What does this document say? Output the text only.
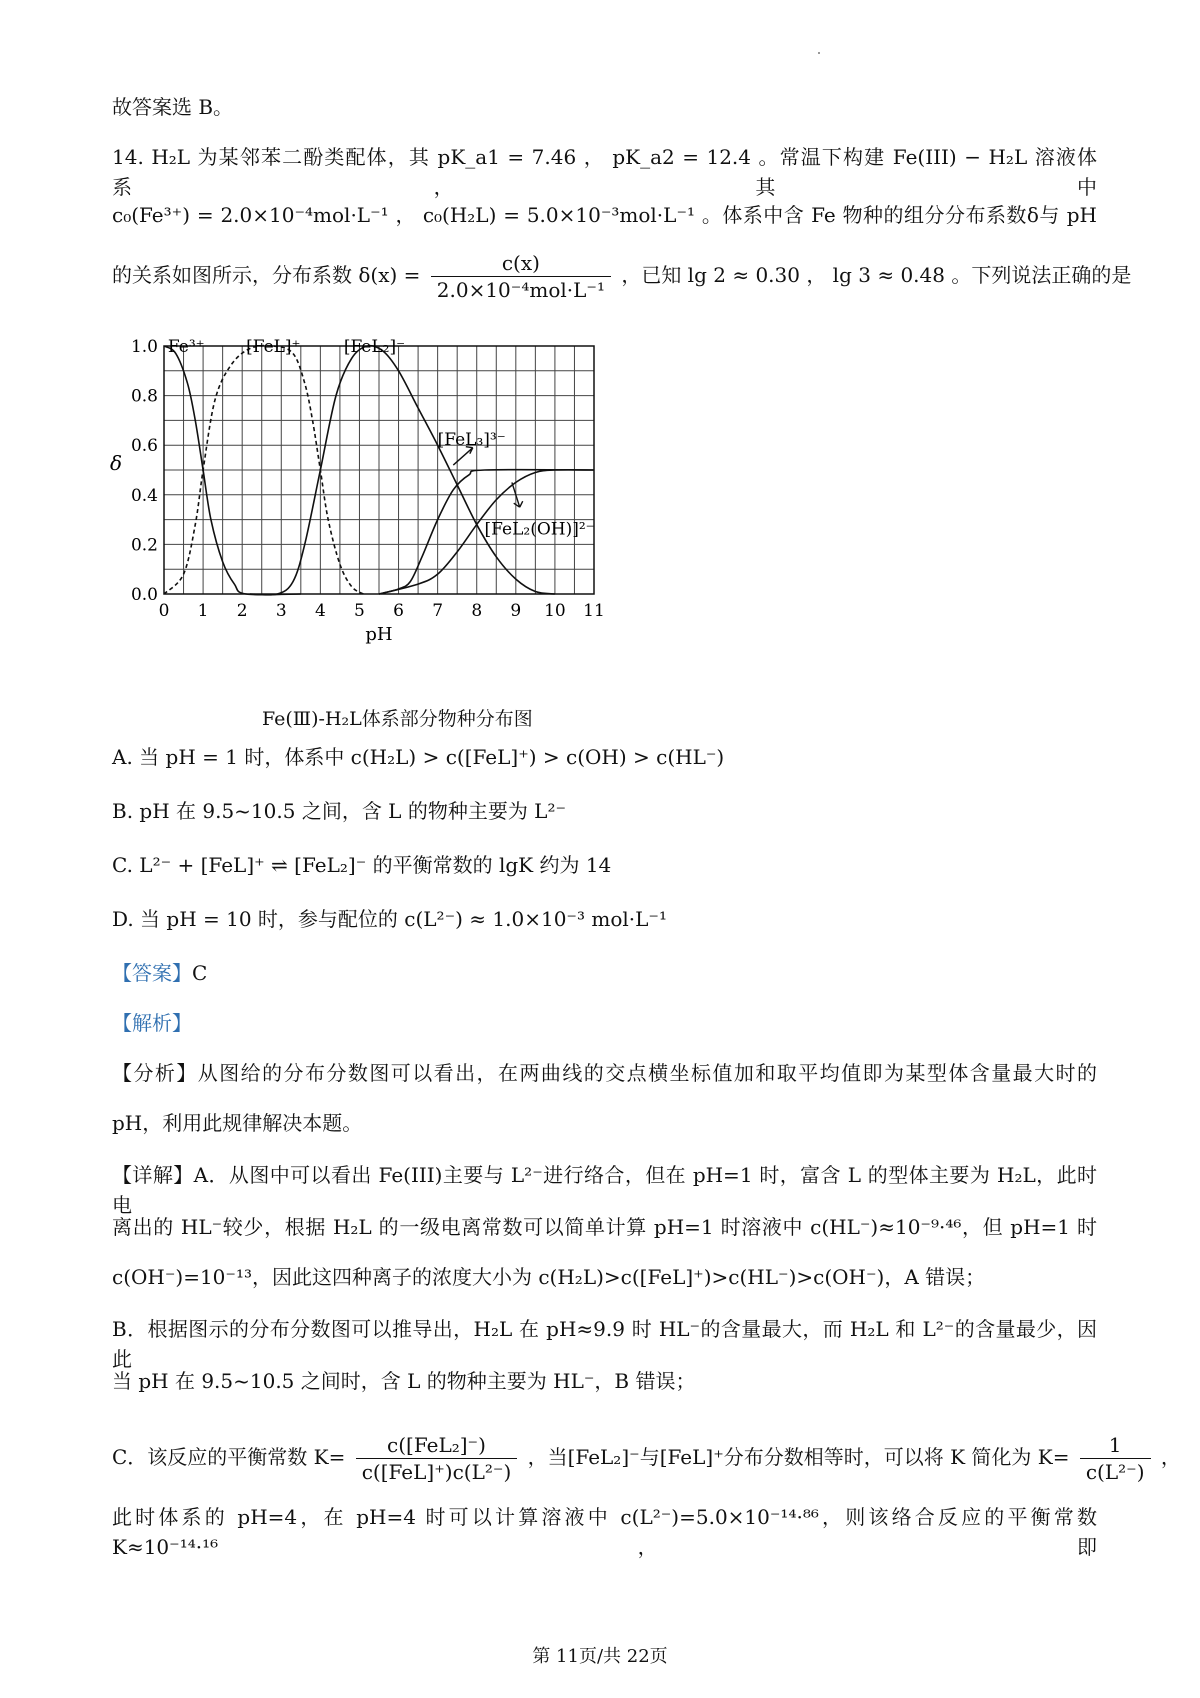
故答案选 B。
14. H₂L 为某邻苯二酚类配体，其 pK_a1 = 7.46 ， pK_a2 = 12.4 。常温下构建 Fe(III) − H₂L 溶液体系，其中
c₀(Fe³⁺) = 2.0×10⁻⁴mol·L⁻¹ ， c₀(H₂L) = 5.0×10⁻³mol·L⁻¹ 。体系中含 Fe 物种的组分分布系数δ与 pH
的关系如图所示，分布系数 $\delta(x) = \frac{c(x)}{\text{2.0×10⁻⁴mol·L⁻¹}}$ ，已知 lg 2 ≈ 0.30 ， lg 3 ≈ 0.48 。下列说法正确的是
0 1 2 3 4 5 6 7 8 9 10 11
0.0
0.2
0.4
0.6
0.8
1.0
pH
δ
Fe³⁺ [FeL]⁺	[FeL₂]⁻
[FeL₃]³⁻
[FeL₂(OH)]²⁻
Fe(Ⅲ)-H₂L体系部分物种分布图
A. 当 pH = 1 时，体系中 c(H₂L) > c([FeL]⁺) > c(OH) > c(HL⁻)
B. pH 在 9.5~10.5 之间，含 L 的物种主要为 L²⁻
C. L²⁻ + [FeL]⁺ ⇌ [FeL₂]⁻ 的平衡常数的 lgK 约为 14
D. 当 pH = 10 时，参与配位的 c(L²⁻) ≈ 1.0×10⁻³ mol·L⁻¹
【答案】C
【解析】
【分析】从图给的分布分数图可以看出，在两曲线的交点横坐标值加和取平均值即为某型体含量最大时的
pH，利用此规律解决本题。
【详解】A．从图中可以看出 Fe(III)主要与 L²⁻进行络合，但在 pH=1 时，富含 L 的型体主要为 H₂L，此时电
离出的 HL⁻较少，根据 H₂L 的一级电离常数可以简单计算 pH=1 时溶液中 c(HL⁻)≈10⁻⁹·⁴⁶，但 pH=1 时
c(OH⁻)=10⁻¹³，因此这四种离子的浓度大小为 c(H₂L)>c([FeL]⁺)>c(HL⁻)>c(OH⁻)，A 错误；
B．根据图示的分布分数图可以推导出，H₂L 在 pH≈9.9 时 HL⁻的含量最大，而 H₂L 和 L²⁻的含量最少，因此
当 pH 在 9.5~10.5 之间时，含 L 的物种主要为 HL⁻，B 错误；
C．该反应的平衡常数 $K= \frac{\text{c([FeL₂]⁻)}}{\text{c([FeL]⁺)c(L²⁻)}}$ ，当[FeL₂]⁻与[FeL]⁺分布分数相等时，可以将 K 简化为 $K= \frac{1}{\text{c(L²⁻)}}$ ，
此时体系的 pH=4，在 pH=4 时可以计算溶液中 c(L²⁻)=5.0×10⁻¹⁴·⁸⁶，则该络合反应的平衡常数 K≈10⁻¹⁴·¹⁶，即
第 11页/共 22页
